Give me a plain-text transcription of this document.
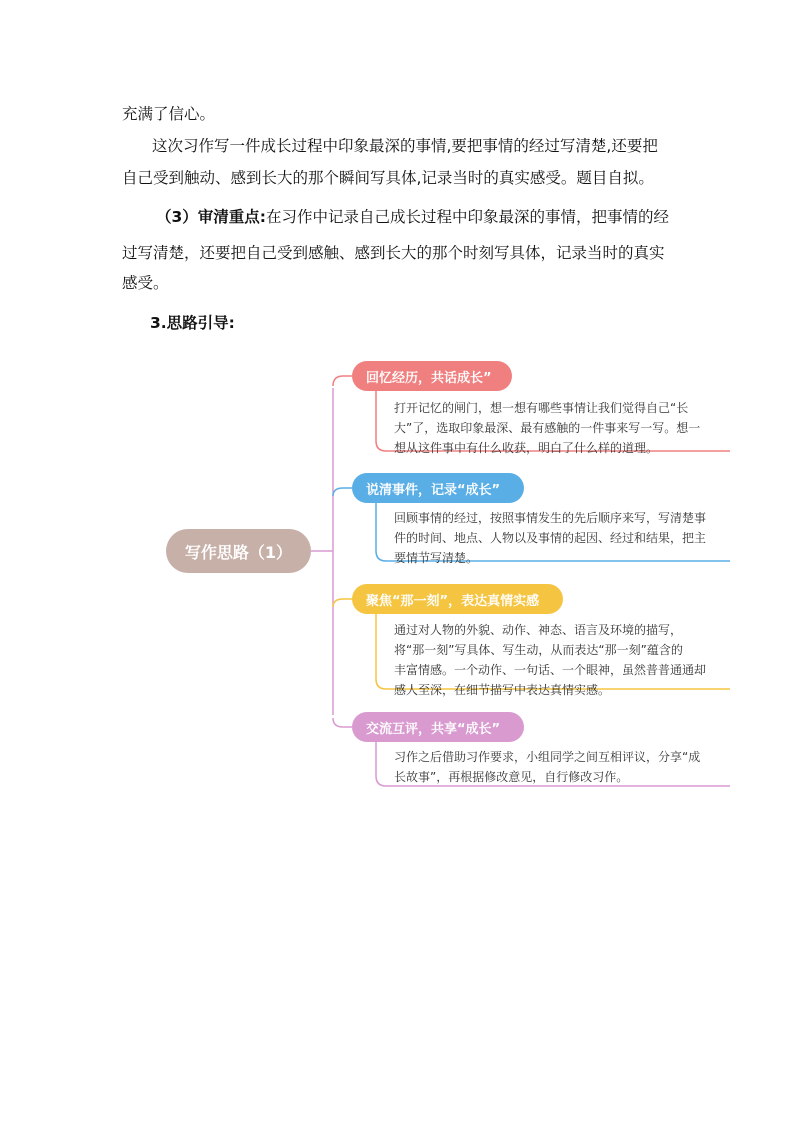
充满了信心。
这次习作写一件成长过程中印象最深的事情,要把事情的经过写清楚,还要把
自己受到触动、感到长大的那个瞬间写具体,记录当时的真实感受。题目自拟。
（3）审清重点:在习作中记录自己成长过程中印象最深的事情，把事情的经
过写清楚，还要把自己受到感触、感到长大的那个时刻写具体，记录当时的真实
感受。
3.思路引导:
写作思路（1）
回忆经历，共话成长”
打开记忆的闸门，想一想有哪些事情让我们觉得自己“长
大”了，选取印象最深、最有感触的一件事来写一写。想一
想从这件事中有什么收获，明白了什么样的道理。
说清事件，记录“成长”
回顾事情的经过，按照事情发生的先后顺序来写，写清楚事
件的时间、地点、人物以及事情的起因、经过和结果，把主
要情节写清楚。
聚焦“那一刻”，表达真情实感
通过对人物的外貌、动作、神态、语言及环境的描写，
将“那一刻”写具体、写生动，从而表达“那一刻”蕴含的
丰富情感。一个动作、一句话、一个眼神，虽然普普通通却
感人至深，在细节描写中表达真情实感。
交流互评，共享“成长”
习作之后借助习作要求，小组同学之间互相评议，分享“成
长故事”，再根据修改意见，自行修改习作。
